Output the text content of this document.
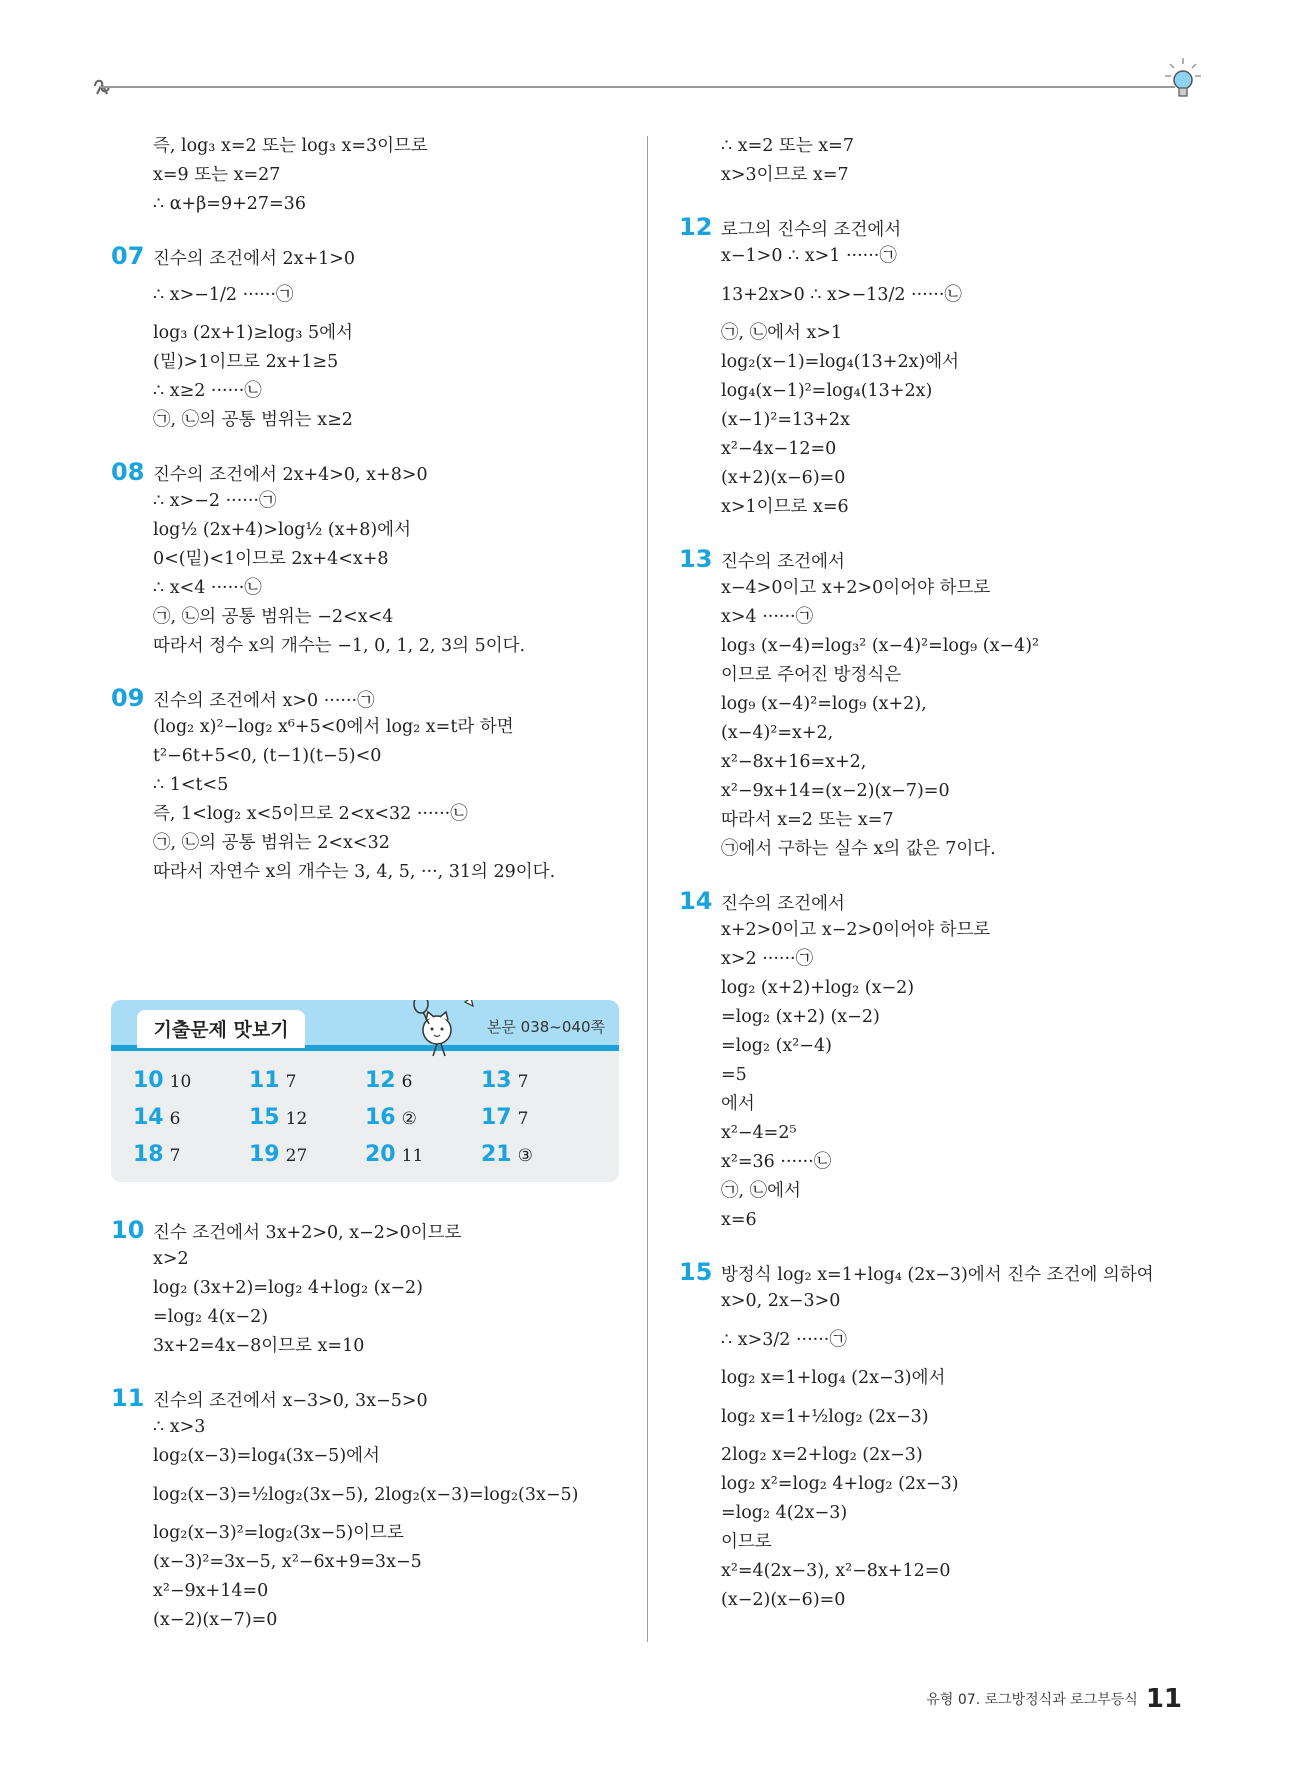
즉, log₃ x=2 또는 log₃ x=3이므로
x=9 또는 x=27
∴ α+β=9+27=36
07 진수의 조건에서 2x+1>0
∴ x>−1/2 ······㉠
log₃ (2x+1)≥log₃ 5에서
(밑)>1이므로 2x+1≥5
∴ x≥2 ······㉡
㉠, ㉡의 공통 범위는 x≥2
08 진수의 조건에서 2x+4>0, x+8>0
∴ x>−2 ······㉠
log½ (2x+4)>log½ (x+8)에서
0<(밑)<1이므로 2x+4<x+8
∴ x<4 ······㉡
㉠, ㉡의 공통 범위는 −2<x<4
따라서 정수 x의 개수는 −1, 0, 1, 2, 3의 5이다.
09 진수의 조건에서 x>0 ······㉠
(log₂ x)²−log₂ x⁶+5<0에서 log₂ x=t라 하면
t²−6t+5<0, (t−1)(t−5)<0
∴ 1<t<5
즉, 1<log₂ x<5이므로 2<x<32 ······㉡
㉠, ㉡의 공통 범위는 2<x<32
따라서 자연수 x의 개수는 3, 4, 5, ···, 31의 29이다.
10 진수 조건에서 3x+2>0, x−2>0이므로
x>2
log₂ (3x+2)=log₂ 4+log₂ (x−2)
=log₂ 4(x−2)
3x+2=4x−8이므로 x=10
11 진수의 조건에서 x−3>0, 3x−5>0
∴ x>3
log₂(x−3)=log₄(3x−5)에서
log₂(x−3)=½log₂(3x−5), 2log₂(x−3)=log₂(3x−5)
log₂(x−3)²=log₂(3x−5)이므로
(x−3)²=3x−5, x²−6x+9=3x−5
x²−9x+14=0
(x−2)(x−7)=0
∴ x=2 또는 x=7
x>3이므로 x=7
12 로그의 진수의 조건에서
x−1>0 ∴ x>1 ······㉠
13+2x>0 ∴ x>−13/2 ······㉡
㉠, ㉡에서 x>1
log₂(x−1)=log₄(13+2x)에서
log₄(x−1)²=log₄(13+2x)
(x−1)²=13+2x
x²−4x−12=0
(x+2)(x−6)=0
x>1이므로 x=6
13 진수의 조건에서
x−4>0이고 x+2>0이어야 하므로
x>4 ······㉠
log₃ (x−4)=log₃² (x−4)²=log₉ (x−4)²
이므로 주어진 방정식은
log₉ (x−4)²=log₉ (x+2),
(x−4)²=x+2,
x²−8x+16=x+2,
x²−9x+14=(x−2)(x−7)=0
따라서 x=2 또는 x=7
㉠에서 구하는 실수 x의 값은 7이다.
14 진수의 조건에서
x+2>0이고 x−2>0이어야 하므로
x>2 ······㉠
log₂ (x+2)+log₂ (x−2)
=log₂ (x+2) (x−2)
=log₂ (x²−4)
=5
에서
x²−4=2⁵
x²=36 ······㉡
㉠, ㉡에서
x=6
15 방정식 log₂ x=1+log₄ (2x−3)에서 진수 조건에 의하여
x>0, 2x−3>0
∴ x>3/2 ······㉠
log₂ x=1+log₄ (2x−3)에서
log₂ x=1+½log₂ (2x−3)
2log₂ x=2+log₂ (2x−3)
log₂ x²=log₂ 4+log₂ (2x−3)
=log₂ 4(2x−3)
이므로
x²=4(2x−3), x²−8x+12=0
(x−2)(x−6)=0
기출문제 맛보기	본문 038~040쪽
10 10	11 7	12 6	13 7
14 6	15 12	16 ②	17 7
18 7	19 27	20 11	21 ③
유형 07. 로그방정식과 로그부등식 11
